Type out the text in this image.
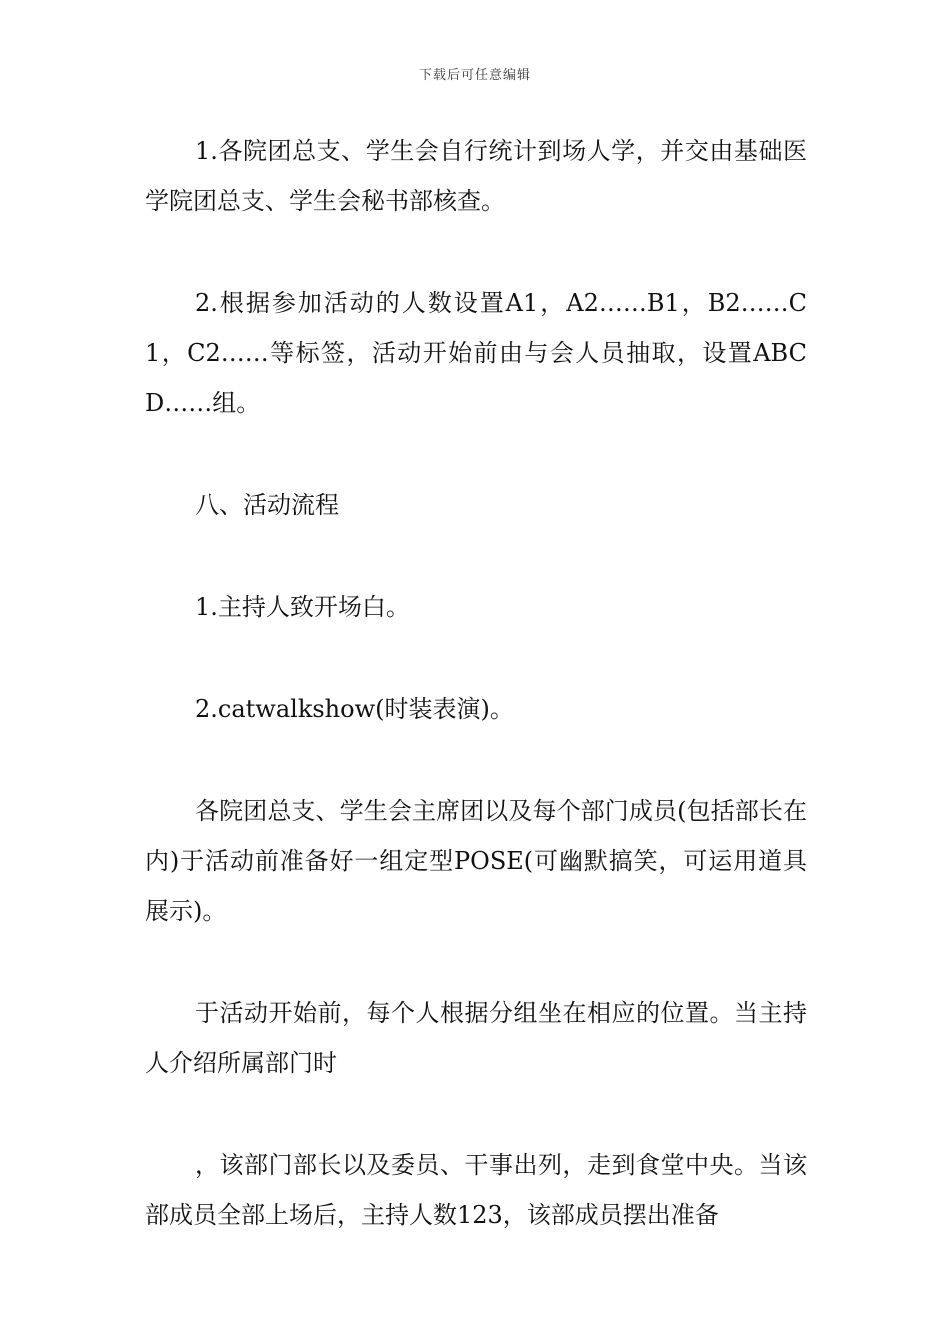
下载后可任意编辑

1.各院团总支、学生会自行统计到场人学，并交由基础医学院团总支、学生会秘书部核查。

2.根据参加活动的人数设置A1，A2……B1，B2……C1，C2……等标签，活动开始前由与会人员抽取，设置ABCD……组。

八、活动流程

1.主持人致开场白。

2.catwalkshow(时装表演)。

各院团总支、学生会主席团以及每个部门成员(包括部长在内)于活动前准备好一组定型POSE(可幽默搞笑，可运用道具展示)。

于活动开始前，每个人根据分组坐在相应的位置。当主持人介绍所属部门时

，该部门部长以及委员、干事出列，走到食堂中央。当该部成员全部上场后，主持人数123，该部成员摆出准备
